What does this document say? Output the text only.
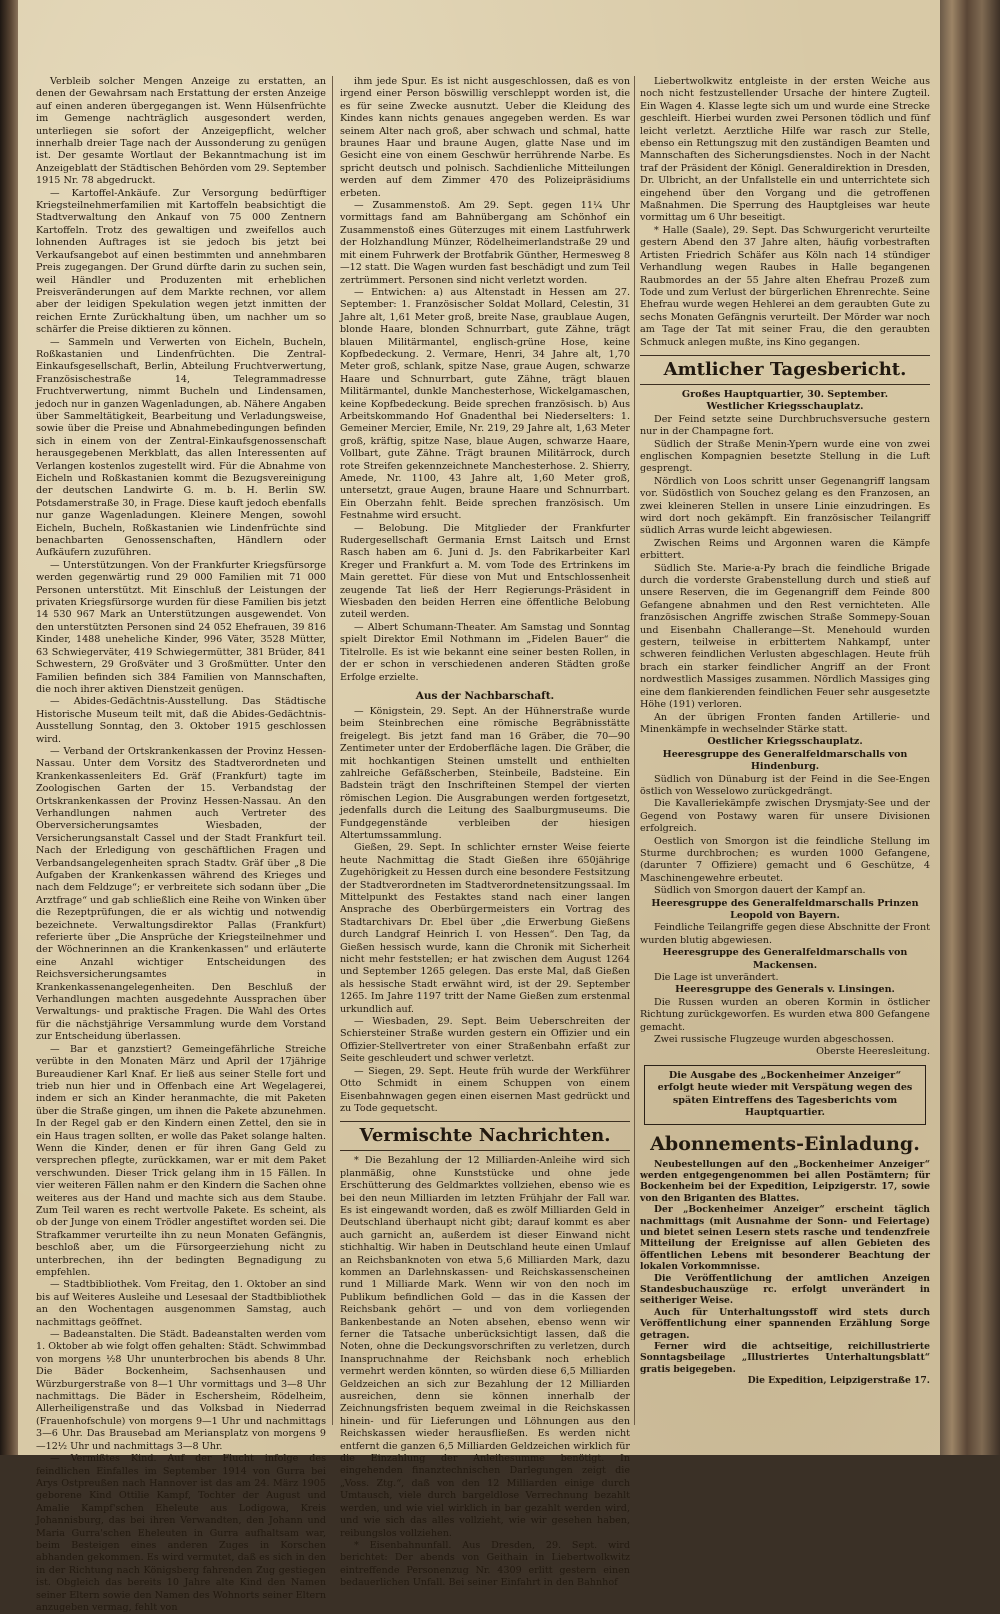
Verbleib solcher Mengen Anzeige zu erstatten, an denen der Gewahrsam nach Erstattung der ersten Anzeige auf einen anderen übergegangen ist. Wenn Hülsenfrüchte im Gemenge nachträglich ausgesondert werden, unterliegen sie sofort der Anzeigepflicht, welcher innerhalb dreier Tage nach der Aussonderung zu genügen ist. Der gesamte Wortlaut der Bekanntmachung ist im Anzeigeblatt der Städtischen Behörden vom 29. September 1915 Nr. 78 abgedruckt.

— Kartoffel-Ankäufe. Zur Versorgung bedürftiger Kriegsteilnehmerfamilien mit Kartoffeln beabsichtigt die Stadtverwaltung den Ankauf von 75 000 Zentnern Kartoffeln. Trotz des gewaltigen und zweifellos auch lohnenden Auftrages ist sie jedoch bis jetzt bei Verkaufsangebot auf einen bestimmten und annehmbaren Preis zugegangen. Der Grund dürfte darin zu suchen sein, weil Händler und Produzenten mit erheblichen Preisveränderungen auf dem Markte rechnen, vor allem aber der leidigen Spekulation wegen jetzt inmitten der reichen Ernte Zurückhaltung üben, um nachher um so schärfer die Preise diktieren zu können.

— Sammeln und Verwerten von Eicheln, Bucheln, Roßkastanien und Lindenfrüchten. Die Zentral-Einkaufsgesellschaft, Berlin, Abteilung Fruchtverwertung, Französischestraße 14, Telegrammadresse Fruchtverwertung, nimmt Bucheln und Lindensamen, jedoch nur in ganzen Wagenladungen, ab. Nähere Angaben über Sammeltätigkeit, Bearbeitung und Verladungsweise, sowie über die Preise und Abnahmebedingungen befinden sich in einem von der Zentral-Einkaufsgenossenschaft herausgegebenen Merkblatt, das allen Interessenten auf Verlangen kostenlos zugestellt wird. Für die Abnahme von Eicheln und Roßkastanien kommt die Bezugsvereinigung der deutschen Landwirte G. m. b. H. Berlin SW. Potsdamerstraße 30, in Frage. Diese kauft jedoch ebenfalls nur ganze Wagenladungen. Kleinere Mengen, sowohl Eicheln, Bucheln, Roßkastanien wie Lindenfrüchte sind benachbarten Genossenschaften, Händlern oder Aufkäufern zuzuführen.

— Unterstützungen. Von der Frankfurter Kriegsfürsorge werden gegenwärtig rund 29 000 Familien mit 71 000 Personen unterstützt. Mit Einschluß der Leistungen der privaten Kriegsfürsorge wurden für diese Familien bis jetzt 14 530 967 Mark an Unterstützungen ausgewendet. Von den unterstützten Personen sind 24 052 Ehefrauen, 39 816 Kinder, 1488 uneheliche Kinder, 996 Väter, 3528 Mütter, 63 Schwiegerväter, 419 Schwiegermütter, 381 Brüder, 841 Schwestern, 29 Großväter und 3 Großmütter. Unter den Familien befinden sich 384 Familien von Mannschaften, die noch ihrer aktiven Dienstzeit genügen.

— Abides-Gedächtnis-Ausstellung. Das Städtische Historische Museum teilt mit, daß die Abides-Gedächtnis-Ausstellung Sonntag, den 3. Oktober 1915 geschlossen wird.

— Verband der Ortskrankenkassen der Provinz Hessen-Nassau. Unter dem Vorsitz des Stadtverordneten und Krankenkassenleiters Ed. Gräf (Frankfurt) tagte im Zoologischen Garten der 15. Verbandstag der Ortskrankenkassen der Provinz Hessen-Nassau. An den Verhandlungen nahmen auch Vertreter des Oberversicherungsamtes Wiesbaden, der Versicherungsanstalt Cassel und der Stadt Frankfurt teil. Nach der Erledigung von geschäftlichen Fragen und Verbandsangelegenheiten sprach Stadtv. Gräf über „8 Die Aufgaben der Krankenkassen während des Krieges und nach dem Feldzuge“; er verbreitete sich sodann über „Die Arztfrage“ und gab schließlich eine Reihe von Winken über die Rezeptprüfungen, die er als wichtig und notwendig bezeichnete. Verwaltungsdirektor Pallas (Frankfurt) referierte über „Die Ansprüche der Kriegsteilnehmer und der Wöchnerinnen an die Krankenkassen“ und erläuterte eine Anzahl wichtiger Entscheidungen des Reichsversicherungsamtes in Krankenkassenangelegenheiten. Den Beschluß der Verhandlungen machten ausgedehnte Aussprachen über Verwaltungs- und praktische Fragen. Die Wahl des Ortes für die nächstjährige Versammlung wurde dem Vorstand zur Entscheidung überlassen.

— Bar et ganzstiert? Gemeingefährliche Streiche verübte in den Monaten März und April der 17jährige Bureaudiener Karl Knaf. Er ließ aus seiner Stelle fort und trieb nun hier und in Offenbach eine Art Wegelagerei, indem er sich an Kinder heranmachte, die mit Paketen über die Straße gingen, um ihnen die Pakete abzunehmen. In der Regel gab er den Kindern einen Zettel, den sie in ein Haus tragen sollten, er wolle das Paket solange halten. Wenn die Kinder, denen er für ihren Gang Geld zu versprechen pflegte, zurückkamen, war er mit dem Paket verschwunden. Dieser Trick gelang ihm in 15 Fällen. In vier weiteren Fällen nahm er den Kindern die Sachen ohne weiteres aus der Hand und machte sich aus dem Staube. Zum Teil waren es recht wertvolle Pakete. Es scheint, als ob der Junge von einem Trödler angestiftet worden sei. Die Strafkammer verurteilte ihn zu neun Monaten Gefängnis, beschloß aber, um die Fürsorgeerziehung nicht zu unterbrechen, ihn der bedingten Begnadigung zu empfehlen.

— Stadtbibliothek. Vom Freitag, den 1. Oktober an sind bis auf Weiteres Ausleihe und Lesesaal der Stadtbibliothek an den Wochentagen ausgenommen Samstag, auch nachmittags geöffnet.

— Badeanstalten. Die Städt. Badeanstalten werden vom 1. Oktober ab wie folgt offen gehalten: Städt. Schwimmbad von morgens ½8 Uhr ununterbrochen bis abends 8 Uhr. Die Bäder Bockenheim, Sachsenhausen und Würzburgerstraße von 8—1 Uhr vormittags und 3—8 Uhr nachmittags. Die Bäder in Eschersheim, Rödelheim, Allerheiligenstraße und das Volksbad in Niederrad (Frauenhofschule) von morgens 9—1 Uhr und nachmittags 3—6 Uhr. Das Brausebad am Meriansplatz von morgens 9—12½ Uhr und nachmittags 3—8 Uhr.

— Vermißtes Kind. Auf der Flucht infolge des feindlichen Einfalles im September 1914 von Gurra bei Arys Ostpreußen nach Hannover ist das am 24. März 1905 geborene Kind Ottilie Kampf, Tochter der August und Amalie Kampf'schen Eheleute aus Lodigowa, Kreis Johannisburg, das bei ihren Verwandten, den Johann und Maria Gurra'schen Eheleuten in Gurra aufhaltsam war, beim Besteigen eines anderen Zuges in Korschen abhanden gekommen. Es wird vermutet, daß es sich in den in der Richtung nach Königsberg fahrenden Zug gestiegen ist. Obgleich das bereits 10 Jahre alte Kind den Namen seiner Eltern sowie den Namen des Wohnorts seiner Eltern anzugeben vermag, fehlt von

ihm jede Spur. Es ist nicht ausgeschlossen, daß es von irgend einer Person böswillig verschleppt worden ist, die es für seine Zwecke ausnutzt. Ueber die Kleidung des Kindes kann nichts genaues angegeben werden. Es war seinem Alter nach groß, aber schwach und schmal, hatte braunes Haar und braune Augen, glatte Nase und im Gesicht eine von einem Geschwür herrührende Narbe. Es spricht deutsch und polnisch. Sachdienliche Mitteilungen werden auf dem Zimmer 470 des Polizeipräsidiums erbeten.

— Zusammenstoß. Am 29. Sept. gegen 11¼ Uhr vormittags fand am Bahnübergang am Schönhof ein Zusammenstoß eines Güterzuges mit einem Lastfuhrwerk der Holzhandlung Münzer, Rödelheimerlandstraße 29 und mit einem Fuhrwerk der Brotfabrik Günther, Hermesweg 8—12 statt. Die Wagen wurden fast beschädigt und zum Teil zertrümmert. Personen sind nicht verletzt worden.

— Entwichen: a) aus Altenstadt in Hessen am 27. September: 1. Französischer Soldat Mollard, Celestin, 31 Jahre alt, 1,61 Meter groß, breite Nase, graublaue Augen, blonde Haare, blonden Schnurrbart, gute Zähne, trägt blauen Militärmantel, englisch-grüne Hose, keine Kopfbedeckung. 2. Vermare, Henri, 34 Jahre alt, 1,70 Meter groß, schlank, spitze Nase, graue Augen, schwarze Haare und Schnurrbart, gute Zähne, trägt blauen Militärmantel, dunkle Manchesterhose, Wickelgamaschen, keine Kopfbedeckung. Beide sprechen französisch. b) Aus Arbeitskommando Hof Gnadenthal bei Niederselters: 1. Gemeiner Mercier, Emile, Nr. 219, 29 Jahre alt, 1,63 Meter groß, kräftig, spitze Nase, blaue Augen, schwarze Haare, Vollbart, gute Zähne. Trägt braunen Militärrock, durch rote Streifen gekennzeichnete Manchesterhose. 2. Shierry, Amede, Nr. 1100, 43 Jahre alt, 1,60 Meter groß, untersetzt, graue Augen, braune Haare und Schnurrbart. Ein Oberzahn fehlt. Beide sprechen französisch. Um Festnahme wird ersucht.

— Belobung. Die Mitglieder der Frankfurter Rudergesellschaft Germania Ernst Laitsch und Ernst Rasch haben am 6. Juni d. Js. den Fabrikarbeiter Karl Kreger und Frankfurt a. M. vom Tode des Ertrinkens im Main gerettet. Für diese von Mut und Entschlossenheit zeugende Tat ließ der Herr Regierungs-Präsident in Wiesbaden den beiden Herren eine öffentliche Belobung zuteil werden.

— Albert Schumann-Theater. Am Samstag und Sonntag spielt Direktor Emil Nothmann im „Fidelen Bauer“ die Titelrolle. Es ist wie bekannt eine seiner besten Rollen, in der er schon in verschiedenen anderen Städten große Erfolge erzielte.

Aus der Nachbarschaft.

— Königstein, 29. Sept. An der Hühnerstraße wurde beim Steinbrechen eine römische Begräbnisstätte freigelegt. Bis jetzt fand man 16 Gräber, die 70—90 Zentimeter unter der Erdoberfläche lagen. Die Gräber, die mit hochkantigen Steinen umstellt und enthielten zahlreiche Gefäßscherben, Steinbeile, Badsteine. Ein Badstein trägt den Inschrifteinen Stempel der vierten römischen Legion. Die Ausgrabungen werden fortgesetzt, jedenfalls durch die Leitung des Saalburgmuseums. Die Fundgegenstände verbleiben der hiesigen Altertumssammlung.

Gießen, 29. Sept. In schlichter ernster Weise feierte heute Nachmittag die Stadt Gießen ihre 650jährige Zugehörigkeit zu Hessen durch eine besondere Festsitzung der Stadtverordneten im Stadtverordnetensitzungssaal. Im Mittelpunkt des Festaktes stand nach einer langen Ansprache des Oberbürgermeisters ein Vortrag des Stadtarchivars Dr. Ebel über „die Erwerbung Gießens durch Landgraf Heinrich I. von Hessen“. Den Tag, da Gießen hessisch wurde, kann die Chronik mit Sicherheit nicht mehr feststellen; er hat zwischen dem August 1264 und September 1265 gelegen. Das erste Mal, daß Gießen als hessische Stadt erwähnt wird, ist der 29. September 1265. Im Jahre 1197 tritt der Name Gießen zum erstenmal urkundlich auf.

— Wiesbaden, 29. Sept. Beim Ueberschreiten der Schiersteiner Straße wurden gestern ein Offizier und ein Offizier-Stellvertreter von einer Straßenbahn erfaßt zur Seite geschleudert und schwer verletzt.

— Siegen, 29. Sept. Heute früh wurde der Werkführer Otto Schmidt in einem Schuppen von einem Eisenbahnwagen gegen einen eisernen Mast gedrückt und zu Tode gequetscht.

Vermischte Nachrichten.

* Die Bezahlung der 12 Milliarden-Anleihe wird sich planmäßig, ohne Kunststücke und ohne jede Erschütterung des Geldmarktes vollziehen, ebenso wie es bei den neun Milliarden im letzten Frühjahr der Fall war. Es ist eingewandt worden, daß es zwölf Milliarden Geld in Deutschland überhaupt nicht gibt; darauf kommt es aber auch garnicht an, außerdem ist dieser Einwand nicht stichhaltig. Wir haben in Deutschland heute einen Umlauf an Reichsbanknoten von etwa 5,6 Milliarden Mark, dazu kommen an Darlehnskassen- und Reichskassenscheinen rund 1 Milliarde Mark. Wenn wir von den noch im Publikum befindlichen Gold — das in die Kassen der Reichsbank gehört — und von dem vorliegenden Bankenbestande an Noten absehen, ebenso wenn wir ferner die Tatsache unberücksichtigt lassen, daß die Noten, ohne die Deckungsvorschriften zu verletzen, durch Inanspruchnahme der Reichsbank noch erheblich vermehrt werden könnten, so würden diese 6,5 Milliarden Geldzeichen an sich zur Bezahlung der 12 Milliarden ausreichen, denn sie können innerhalb der Zeichnungsfristen bequem zweimal in die Reichskassen hinein- und für Lieferungen und Löhnungen aus den Reichskassen wieder herausfließen. Es werden nicht entfernt die ganzen 6,5 Milliarden Geldzeichen wirklich für die Einzahlung der Anleihesumme benötigt. In eingehenden finanztechnischen Darlegungen zeigt die „Voss. Ztg.“, daß von den 12 Milliarden einige durch Umtausch, viele durch bargeldlose Verrechnung bezahlt werden, und wie viel wirklich in bar gezahlt werden wird, und wie sich das alles vollzieht, wie wir gesehen haben, reibungslos vollziehen.

* Eisenbahnunfall. Aus Dresden, 29. Sept. wird berichtet: Der abends von Geithain in Liebertwolkwitz eintreffende Personenzug Nr. 4309 erlitt gestern einen bedauerlichen Unfall. Bei seiner Einfahrt in den Bahnhof

Liebertwolkwitz entgleiste in der ersten Weiche aus noch nicht festzustellender Ursache der hintere Zugteil. Ein Wagen 4. Klasse legte sich um und wurde eine Strecke geschleift. Hierbei wurden zwei Personen tödlich und fünf leicht verletzt. Aerztliche Hilfe war rasch zur Stelle, ebenso ein Rettungszug mit den zuständigen Beamten und Mannschaften des Sicherungsdienstes. Noch in der Nacht traf der Präsident der Königl. Generaldirektion in Dresden, Dr. Ulbricht, an der Unfallstelle ein und unterrichtete sich eingehend über den Vorgang und die getroffenen Maßnahmen. Die Sperrung des Hauptgleises war heute vormittag um 6 Uhr beseitigt.

* Halle (Saale), 29. Sept. Das Schwurgericht verurteilte gestern Abend den 37 Jahre alten, häufig vorbestraften Artisten Friedrich Schäfer aus Köln nach 14 stündiger Verhandlung wegen Raubes in Halle begangenen Raubmordes an der 55 Jahre alten Ehefrau Prozeß zum Tode und zum Verlust der bürgerlichen Ehrenrechte. Seine Ehefrau wurde wegen Hehlerei an dem geraubten Gute zu sechs Monaten Gefängnis verurteilt. Der Mörder war noch am Tage der Tat mit seiner Frau, die den geraubten Schmuck anlegen mußte, ins Kino gegangen.

Amtlicher Tagesbericht.

Großes Hauptquartier, 30. September.

Westlicher Kriegsschauplatz.

Der Feind setzte seine Durchbruchsversuche gestern nur in der Champagne fort.

Südlich der Straße Menin-Ypern wurde eine von zwei englischen Kompagnien besetzte Stellung in die Luft gesprengt.

Nördlich von Loos schritt unser Gegenangriff langsam vor. Südöstlich von Souchez gelang es den Franzosen, an zwei kleineren Stellen in unsere Linie einzudringen. Es wird dort noch gekämpft. Ein französischer Teilangriff südlich Arras wurde leicht abgewiesen.

Zwischen Reims und Argonnen waren die Kämpfe erbittert.

Südlich Ste. Marie-a-Py brach die feindliche Brigade durch die vorderste Grabenstellung durch und stieß auf unsere Reserven, die im Gegenangriff dem Feinde 800 Gefangene abnahmen und den Rest vernichteten. Alle französischen Angriffe zwischen Straße Sommepy-Souan und Eisenbahn Challerange—St. Menehould wurden gestern, teilweise in erbittertem Nahkampf, unter schweren feindlichen Verlusten abgeschlagen. Heute früh brach ein starker feindlicher Angriff an der Front nordwestlich Massiges zusammen. Nördlich Massiges ging eine dem flankierenden feindlichen Feuer sehr ausgesetzte Höhe (191) verloren.

An der übrigen Fronten fanden Artillerie- und Minenkämpfe in wechselnder Stärke statt.

Oestlicher Kriegsschauplatz.

Heeresgruppe des Generalfeldmarschalls von Hindenburg.

Südlich von Dünaburg ist der Feind in die See-Engen östlich von Wesselowo zurückgedrängt.

Die Kavalleriekämpfe zwischen Drysmjaty-See und der Gegend von Postawy waren für unsere Divisionen erfolgreich.

Oestlich von Smorgon ist die feindliche Stellung im Sturme durchbrochen; es wurden 1000 Gefangene, (darunter 7 Offiziere) gemacht und 6 Geschütze, 4 Maschinengewehre erbeutet.

Südlich von Smorgon dauert der Kampf an.

Heeresgruppe des Generalfeldmarschalls Prinzen Leopold von Bayern.

Feindliche Teilangriffe gegen diese Abschnitte der Front wurden blutig abgewiesen.

Heeresgruppe des Generalfeldmarschalls von Mackensen.

Die Lage ist unverändert.

Heeresgruppe des Generals v. Linsingen.

Die Russen wurden an oberen Kormin in östlicher Richtung zurückgeworfen. Es wurden etwa 800 Gefangene gemacht.

Zwei russische Flugzeuge wurden abgeschossen.

Oberste Heeresleitung.

Die Ausgabe des „Bockenheimer Anzeiger“ erfolgt heute wieder mit Verspätung wegen des späten Eintreffens des Tagesberichts vom Hauptquartier.
Abonnements-Einladung.

Neubestellungen auf den „Bockenheimer Anzeiger“ werden entgegengenommen bei allen Postämtern; für Bockenheim bei der Expedition, Leipzigerstr. 17, sowie von den Briganten des Blattes.

Der „Bockenheimer Anzeiger“ erscheint täglich nachmittags (mit Ausnahme der Sonn- und Feiertage) und bietet seinen Lesern stets rasche und tendenzfreie Mitteilung der Ereignisse auf allen Gebieten des öffentlichen Lebens mit besonderer Beachtung der lokalen Vorkommnisse.

Die Veröffentlichung der amtlichen Anzeigen Standesbuchauszüge rc. erfolgt unverändert in seitheriger Weise.

Auch für Unterhaltungsstoff wird stets durch Veröffentlichung einer spannenden Erzählung Sorge getragen.

Ferner wird die achtseitige, reichillustrierte Sonntagsbeilage „Illustriertes Unterhaltungsblatt“ gratis beigegeben.

Die Expedition, Leipzigerstraße 17.
